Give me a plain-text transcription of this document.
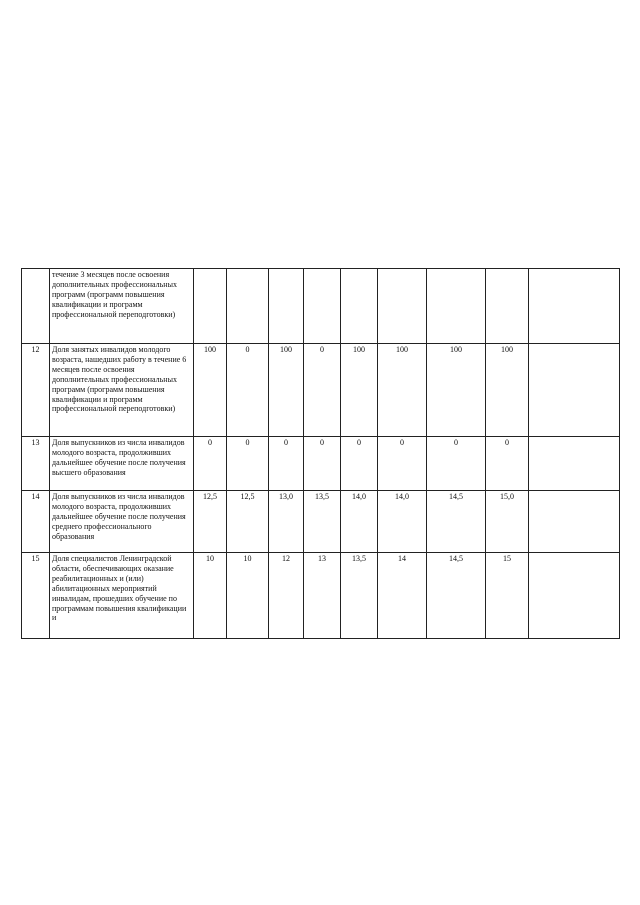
	течение 3 месяцев после освоения дополнительных профессиональных программ (программ повышения квалификации и программ профессиональной переподготовки)									
12	Доля занятых инвалидов молодого возраста, нашедших работу в течение 6 месяцев после освоения дополнительных профессиональных программ (программ повышения квалификации и программ профессиональной переподготовки)	100	0	100	0	100	100	100	100	
13	Доля выпускников из числа инвалидов молодого возраста, продолживших дальнейшее обучение после получения высшего образования	0	0	0	0	0	0	0	0	
14	Доля выпускников из числа инвалидов молодого возраста, продолживших дальнейшее обучение после получения среднего профессионального образования	12,5	12,5	13,0	13,5	14,0	14,0	14,5	15,0	
15	Доля специалистов Ленинградской области, обеспечивающих оказание реабилитационных и (или) абилитационных мероприятий инвалидам, прошедших обучение по программам повышения квалификации и	10	10	12	13	13,5	14	14,5	15	
